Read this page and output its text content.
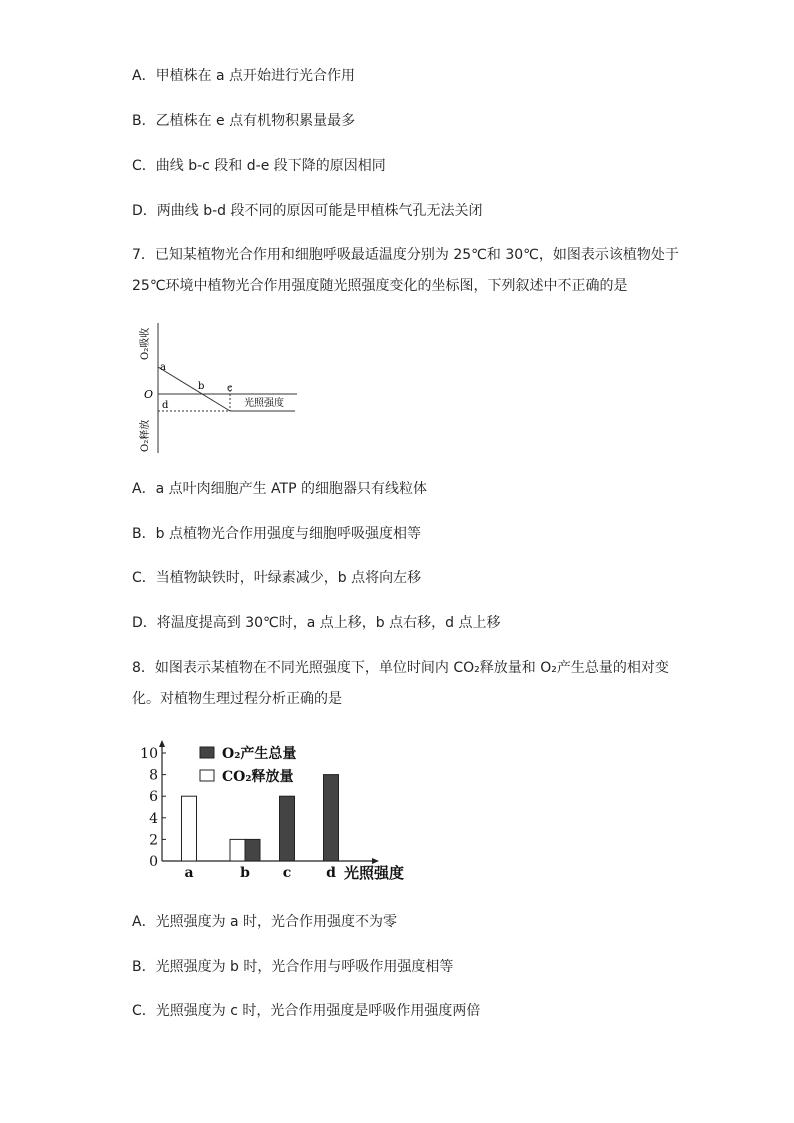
A．甲植株在 a 点开始进行光合作用
B．乙植株在 e 点有机物积累量最多
C．曲线 b-c 段和 d-e 段下降的原因相同
D．两曲线 b-d 段不同的原因可能是甲植株气孔无法关闭
7．已知某植物光合作用和细胞呼吸最适温度分别为 25℃和 30℃，如图表示该植物处于
25℃环境中植物光合作用强度随光照强度变化的坐标图，下列叙述中不正确的是
光照强度
O₂吸收
O₂释放
O
a
b c
d
A．a 点叶肉细胞产生 ATP 的细胞器只有线粒体
B．b 点植物光合作用强度与细胞呼吸强度相等
C．当植物缺铁时，叶绿素减少，b 点将向左移
D．将温度提高到 30℃时，a 点上移，b 点右移，d 点上移
8．如图表示某植物在不同光照强度下，单位时间内 CO₂释放量和 O₂产生总量的相对变
化。对植物生理过程分析正确的是
0
2
4
6
8
10
a	b c d 光照强度
O₂产生总量
CO₂释放量
A．光照强度为 a 时，光合作用强度不为零
B．光照强度为 b 时，光合作用与呼吸作用强度相等
C．光照强度为 c 时，光合作用强度是呼吸作用强度两倍
